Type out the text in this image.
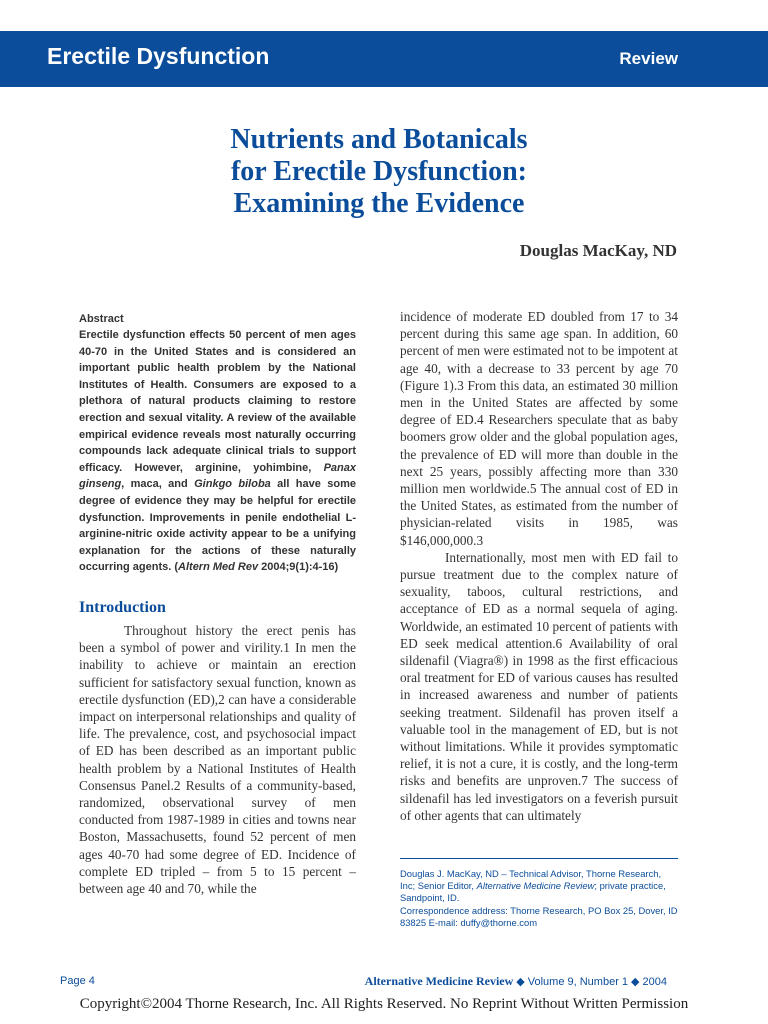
Erectile Dysfunction	Review
Nutrients and Botanicals
for Erectile Dysfunction:
Examining the Evidence
Douglas MacKay, ND
Abstract
Erectile dysfunction effects 50 percent of men ages 40-70 in the United States and is considered an important public health problem by the National Institutes of Health. Consumers are exposed to a plethora of natural products claiming to restore erection and sexual vitality. A review of the available empirical evidence reveals most naturally occurring compounds lack adequate clinical trials to support efficacy. However, arginine, yohimbine, Panax ginseng, maca, and Ginkgo biloba all have some degree of evidence they may be helpful for erectile dysfunction. Improvements in penile endothelial L-arginine-nitric oxide activity appear to be a unifying explanation for the actions of these naturally occurring agents. (Altern Med Rev 2004;9(1):4-16)
Introduction

Throughout history the erect penis has been a symbol of power and virility.1 In men the inability to achieve or maintain an erection sufficient for satisfactory sexual function, known as erectile dysfunction (ED),2 can have a considerable impact on interpersonal relationships and quality of life. The prevalence, cost, and psychosocial impact of ED has been described as an important public health problem by a National Institutes of Health Consensus Panel.2 Results of a community-based, randomized, observational survey of men conducted from 1987-1989 in cities and towns near Boston, Massachusetts, found 52 percent of men ages 40-70 had some degree of ED. Incidence of complete ED tripled – from 5 to 15 percent – between age 40 and 70, while the

incidence of moderate ED doubled from 17 to 34 percent during this same age span. In addition, 60 percent of men were estimated not to be impotent at age 40, with a decrease to 33 percent by age 70 (Figure 1).3 From this data, an estimated 30 million men in the United States are affected by some degree of ED.4 Researchers speculate that as baby boomers grow older and the global population ages, the prevalence of ED will more than double in the next 25 years, possibly affecting more than 330 million men worldwide.5 The annual cost of ED in the United States, as estimated from the number of physician-related visits in 1985, was $146,000,000.3

Internationally, most men with ED fail to pursue treatment due to the complex nature of sexuality, taboos, cultural restrictions, and acceptance of ED as a normal sequela of aging. Worldwide, an estimated 10 percent of patients with ED seek medical attention.6 Availability of oral sildenafil (Viagra®) in 1998 as the first efficacious oral treatment for ED of various causes has resulted in increased awareness and number of patients seeking treatment. Sildenafil has proven itself a valuable tool in the management of ED, but is not without limitations. While it provides symptomatic relief, it is not a cure, it is costly, and the long-term risks and benefits are unproven.7 The success of sildenafil has led investigators on a feverish pursuit of other agents that can ultimately

Douglas J. MacKay, ND – Technical Advisor, Thorne Research, Inc; Senior Editor, Alternative Medicine Review; private practice, Sandpoint, ID.

Correspondence address: Thorne Research, PO Box 25, Dover, ID 83825 E-mail: duffy@thorne.com

Page 4	Alternative Medicine Review ◆ Volume 9, Number 1 ◆ 2004
Copyright©2004 Thorne Research, Inc. All Rights Reserved. No Reprint Without Written Permission
